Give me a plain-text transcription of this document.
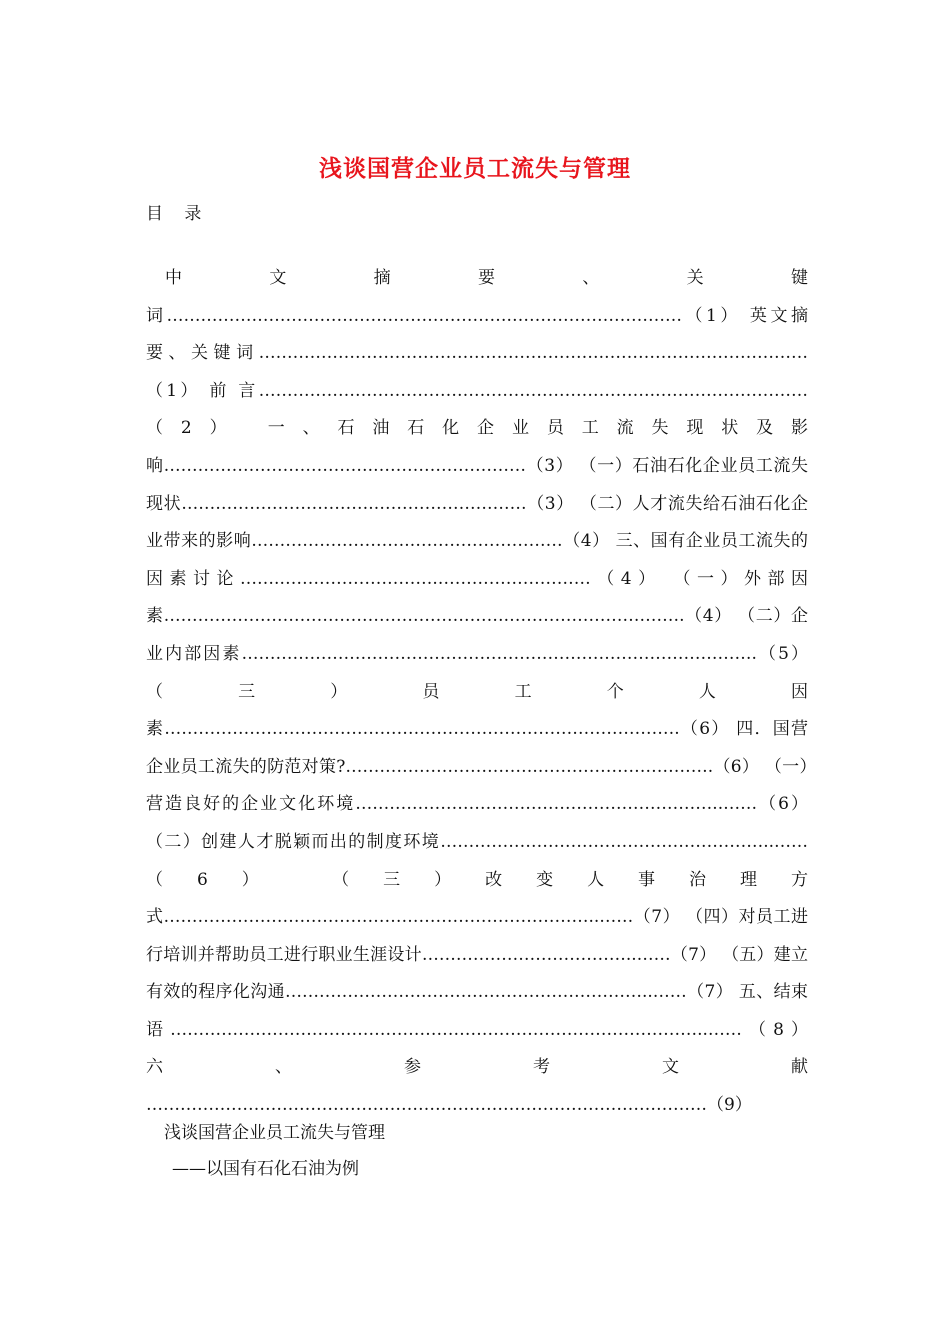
浅谈国营企业员工流失与管理
目 录
中文摘要、关键词…………………………………………………….…………………………（1） 英文摘要、关键词…………………………………………………….………………………………（1） 前 言…………………………………………………………….………………………（2） 一、石油石化企业员工流失现状及影响……………………………….………………………（3） （一）石油石化企业员工流失现状…………………………….………………………（3） （二）人才流失给石油石化企业带来的影响……………………….………………………（4） 三、国有企业员工流失的因素讨论…….……………………….………………………（4） （一）外部因素…………………………………………………….………………………….（4） （二）企业内部因素……………………………………………………………………………….（5） （三）员工个人因素……………………………………………………………………………….（6） 四．国营企业员工流失的防范对策?…………………………….………………………….（6） （一）营造良好的企业文化环境………………………………………………………..……（6） （二）创建人才脱颖而出的制度环境…………………………………………………..……（6） （三）改变人事治理方式…………………………………………………………………..……（7） （四）对员工进行培训并帮助员工进行职业生涯设计………………………………..……（7） （五）建立有效的程序化沟通………………………………………………………..……（7） 五、结束语…………………………………………………………………………………..……（8） 六、参考文献 ………………………………………………………………………………………（9）
浅谈国营企业员工流失与管理
——以国有石化石油为例
